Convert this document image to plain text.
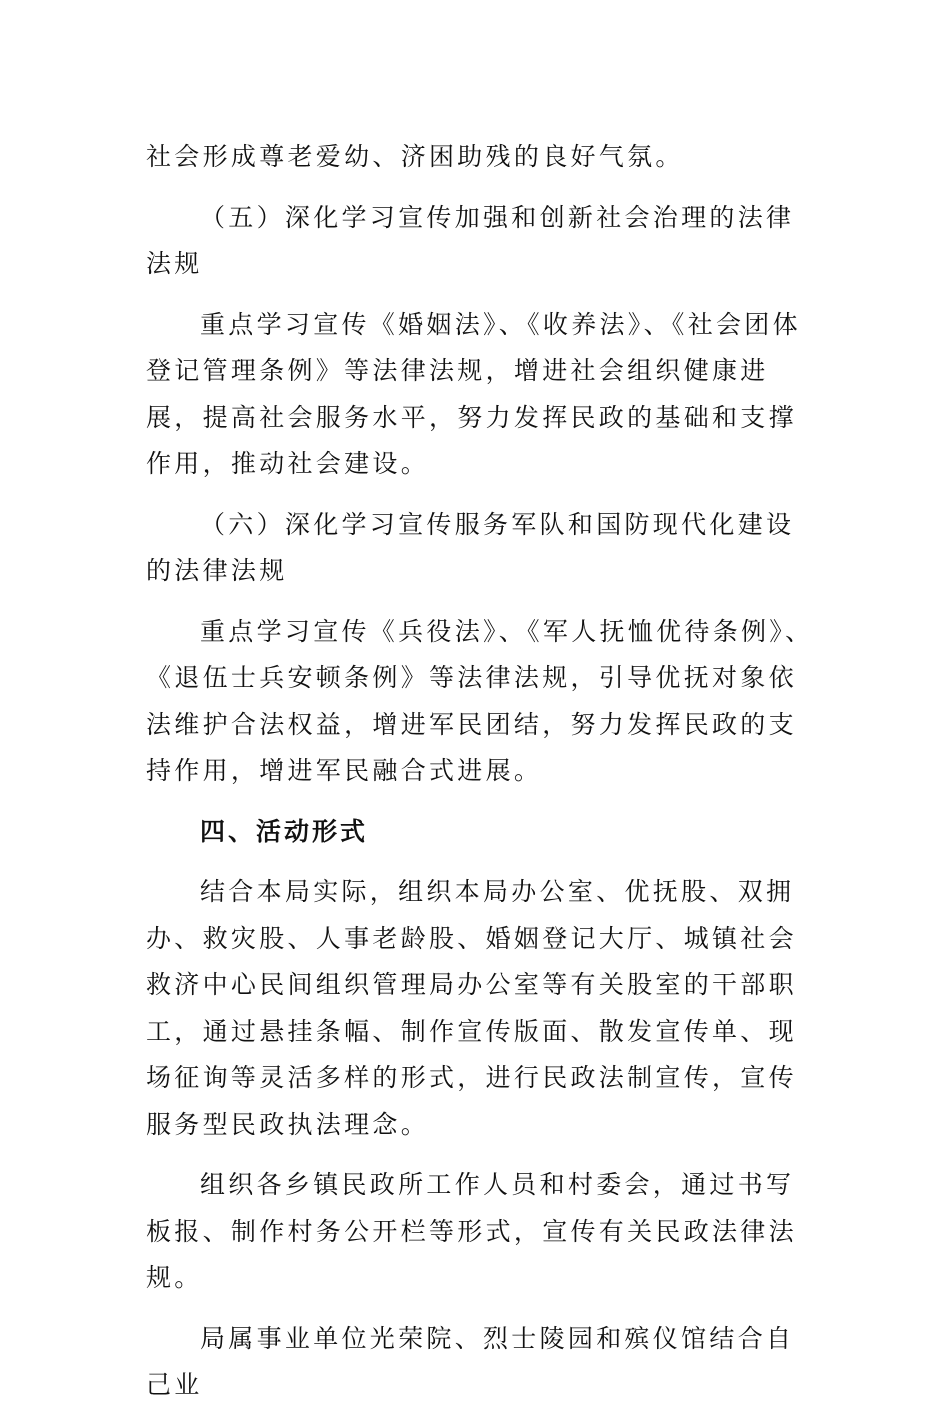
社会形成尊老爱幼、济困助残的良好气氛。

（五）深化学习宣传加强和创新社会治理的法律法规

重点学习宣传《婚姻法》、《收养法》、《社会团体登记管理条例》等法律法规，增进社会组织健康进展，提高社会服务水平，努力发挥民政的基础和支撑作用，推动社会建设。

（六）深化学习宣传服务军队和国防现代化建设的法律法规

重点学习宣传《兵役法》、《军人抚恤优待条例》、《退伍士兵安顿条例》等法律法规，引导优抚对象依法维护合法权益，增进军民团结，努力发挥民政的支持作用，增进军民融合式进展。

四、活动形式

结合本局实际，组织本局办公室、优抚股、双拥办、救灾股、人事老龄股、婚姻登记大厅、城镇社会救济中心民间组织管理局办公室等有关股室的干部职工，通过悬挂条幅、制作宣传版面、散发宣传单、现场征询等灵活多样的形式，进行民政法制宣传，宣传服务型民政执法理念。

组织各乡镇民政所工作人员和村委会，通过书写板报、制作村务公开栏等形式，宣传有关民政法律法规。

局属事业单位光荣院、烈士陵园和殡仪馆结合自己业
